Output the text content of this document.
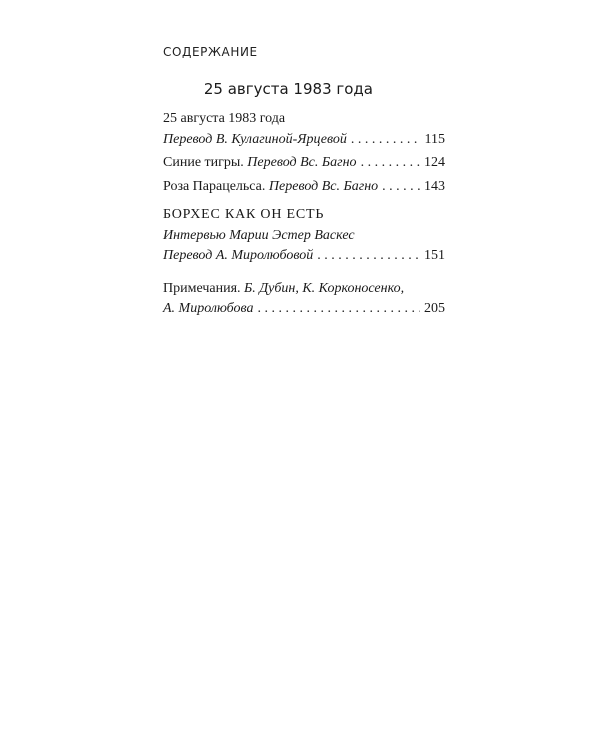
СОДЕРЖАНИЕ
25 августа 1983 года
25 августа 1983 года
Перевод В. Кулагиной-Ярцевой . . .	115
Синие тигры.
Перевод Вс. Багно . . .	124
Роза Парацельса.
Перевод Вс. Багно . . .	143
БОРХЕС КАК ОН ЕСТЬ
Интервью Марии Эстер Васкес
Перевод А. Миролюбовой . . .	151
Примечания.
Б. Дубин, К. Корконосенко,
А. Миролюбова . . .	205
